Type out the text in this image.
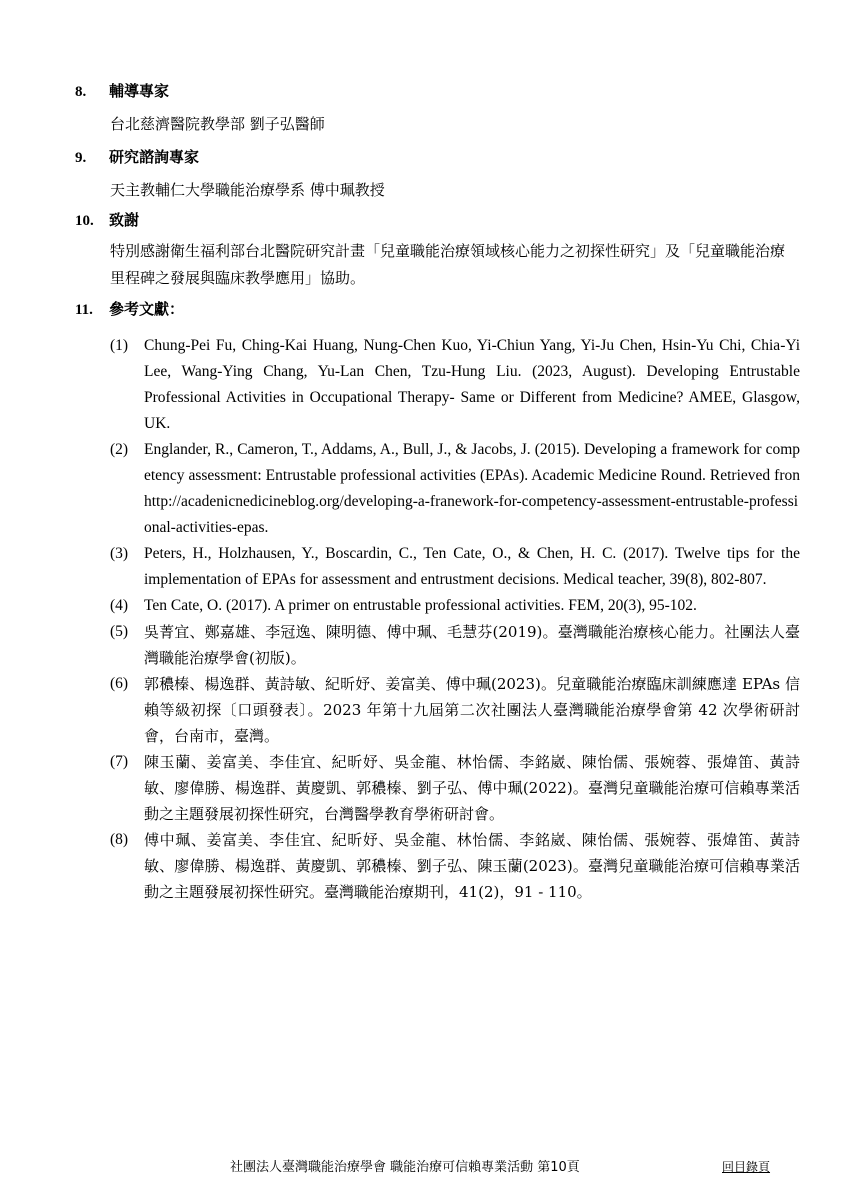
8. 輔導專家
台北慈濟醫院教學部 劉子弘醫師
9. 研究諮詢專家
天主教輔仁大學職能治療學系 傅中珮教授
10. 致謝
特別感謝衛生福利部台北醫院研究計畫「兒童職能治療領域核心能力之初探性研究」及「兒童職能治療里程碑之發展與臨床教學應用」協助。
11. 參考文獻：
(1) Chung-Pei Fu, Ching-Kai Huang, Nung-Chen Kuo, Yi-Chiun Yang, Yi-Ju Chen, Hsin-Yu Chi, Chia-Yi Lee, Wang-Ying Chang, Yu-Lan Chen, Tzu-Hung Liu. (2023, August). Developing Entrustable Professional Activities in Occupational Therapy- Same or Different from Medicine? AMEE, Glasgow, UK.
(2) Englander, R., Cameron, T., Addams, A., Bull, J., & Jacobs, J. (2015). Developing a framework for competency assessment: Entrustable professional activities (EPAs). Academic Medicine Round. Retrieved fron http://acadenicnedicineblog.org/developing-a-franework-for-competency-assessment-entrustable-professional-activities-epas.
(3) Peters, H., Holzhausen, Y., Boscardin, C., Ten Cate, O., & Chen, H. C. (2017). Twelve tips for the implementation of EPAs for assessment and entrustment decisions. Medical teacher, 39(8), 802-807.
(4) Ten Cate, O. (2017). A primer on entrustable professional activities. FEM, 20(3), 95-102.
(5) 吳菁宜、鄭嘉雄、李冠逸、陳明德、傅中珮、毛慧芬(2019)。臺灣職能治療核心能力。社團法人臺灣職能治療學會(初版)。
(6) 郭穠榛、楊逸群、黃詩敏、紀昕妤、姜富美、傅中珮(2023)。兒童職能治療臨床訓練應達 EPAs 信賴等級初探〔口頭發表〕。2023 年第十九屆第二次社團法人臺灣職能治療學會第 42 次學術研討會，台南市，臺灣。
(7) 陳玉蘭、姜富美、李佳宜、紀昕妤、吳金龍、林怡儒、李銘崴、陳怡儒、張婉蓉、張煒笛、黃詩敏、廖偉勝、楊逸群、黃慶凱、郭穠榛、劉子弘、傅中珮(2022)。臺灣兒童職能治療可信賴專業活動之主題發展初探性研究，台灣醫學教育學術研討會。
(8) 傅中珮、姜富美、李佳宜、紀昕妤、吳金龍、林怡儒、李銘崴、陳怡儒、張婉蓉、張煒笛、黃詩敏、廖偉勝、楊逸群、黃慶凱、郭穠榛、劉子弘、陳玉蘭(2023)。臺灣兒童職能治療可信賴專業活動之主題發展初探性研究。臺灣職能治療期刊，41(2)，91 - 110。
社團法人臺灣職能治療學會 職能治療可信賴專業活動 第10頁	回目錄頁
